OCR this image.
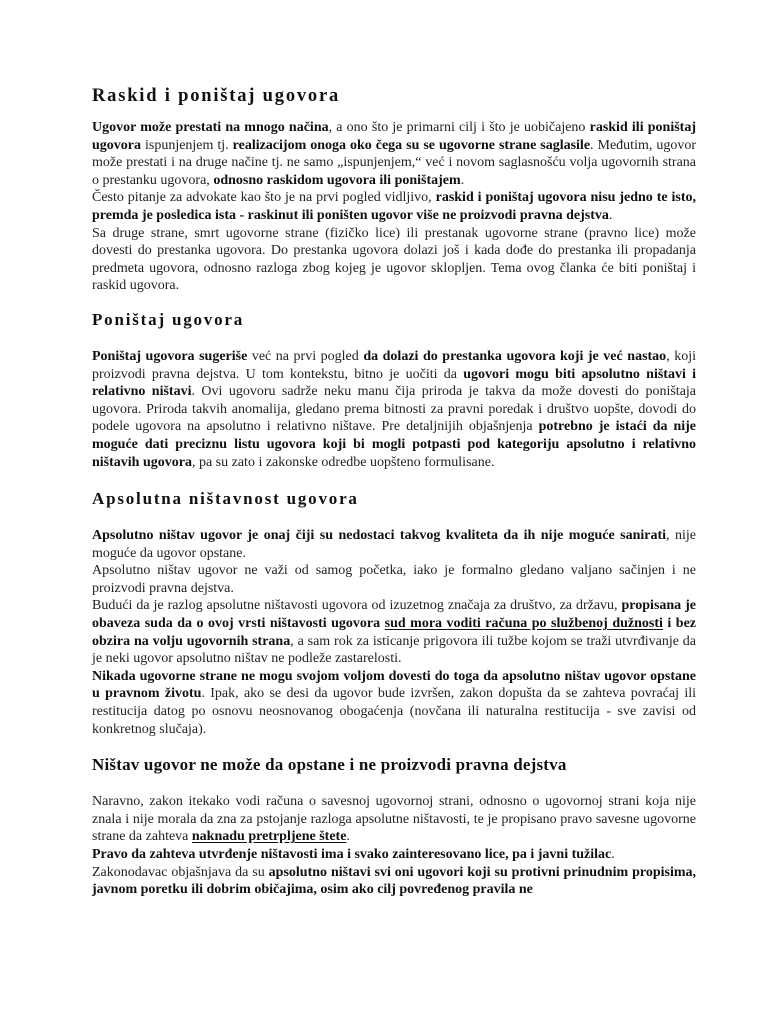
Raskid i poništaj ugovora

Ugovor može prestati na mnogo načina, a ono što je primarni cilj i što je uobičajeno raskid ili poništaj ugovora ispunjenjem tj. realizacijom onoga oko čega su se ugovorne strane saglasile. Međutim, ugovor može prestati i na druge načine tj. ne samo „ispunjenjem,“ već i novom saglasnošću volja ugovornih strana o prestanku ugovora, odnosno raskidom ugovora ili poništajem.

Često pitanje za advokate kao što je na prvi pogled vidljivo, raskid i poništaj ugovora nisu jedno te isto, premda je posledica ista - raskinut ili poništen ugovor više ne proizvodi pravna dejstva.

Sa druge strane, smrt ugovorne strane (fizičko lice) ili prestanak ugovorne strane (pravno lice) može dovesti do prestanka ugovora. Do prestanka ugovora dolazi još i kada dođe do prestanka ili propadanja predmeta ugovora, odnosno razloga zbog kojeg je ugovor sklopljen. Tema ovog članka će biti poništaj i raskid ugovora.

Poništaj ugovora

Poništaj ugovora sugeriše već na prvi pogled da dolazi do prestanka ugovora koji je već nastao, koji proizvodi pravna dejstva. U tom kontekstu, bitno je uočiti da ugovori mogu biti apsolutno ništavi i relativno ništavi. Ovi ugovoru sadrže neku manu čija priroda je takva da može dovesti do poništaja ugovora. Priroda takvih anomalija, gledano prema bitnosti za pravni poredak i društvo uopšte, dovodi do podele ugovora na apsolutno i relativno ništave. Pre detaljnijih objašnjenja potrebno je istaći da nije moguće dati preciznu listu ugovora koji bi mogli potpasti pod kategoriju apsolutno i relativno ništavih ugovora, pa su zato i zakonske odredbe uopšteno formulisane.

Apsolutna ništavnost ugovora

Apsolutno ništav ugovor je onaj čiji su nedostaci takvog kvaliteta da ih nije moguće sanirati, nije moguće da ugovor opstane.

Apsolutno ništav ugovor ne važi od samog početka, iako je formalno gledano valjano sačinjen i ne proizvodi pravna dejstva.

Budući da je razlog apsolutne ništavosti ugovora od izuzetnog značaja za društvo, za državu, propisana je obaveza suda da o ovoj vrsti ništavosti ugovora sud mora voditi računa po službenoj dužnosti i bez obzira na volju ugovornih strana, a sam rok za isticanje prigovora ili tužbe kojom se traži utvrđivanje da je neki ugovor apsolutno ništav ne podleže zastarelosti.

Nikada ugovorne strane ne mogu svojom voljom dovesti do toga da apsolutno ništav ugovor opstane u pravnom životu. Ipak, ako se desi da ugovor bude izvršen, zakon dopušta da se zahteva povraćaj ili restitucija datog po osnovu neosnovanog obogaćenja (novčana ili naturalna restitucija - sve zavisi od konkretnog slučaja).

Ništav ugovor ne može da opstane i ne proizvodi pravna dejstva

Naravno, zakon itekako vodi računa o savesnoj ugovornoj strani, odnosno o ugovornoj strani koja nije znala i nije morala da zna za pstojanje razloga apsolutne ništavosti, te je propisano pravo savesne ugovorne strane da zahteva naknadu pretrpljene štete.

Pravo da zahteva utvrđenje ništavosti ima i svako zainteresovano lice, pa i javni tužilac.

Zakonodavac objašnjava da su apsolutno ništavi svi oni ugovori koji su protivni prinudnim propisima, javnom poretku ili dobrim običajima, osim ako cilj povređenog pravila ne
